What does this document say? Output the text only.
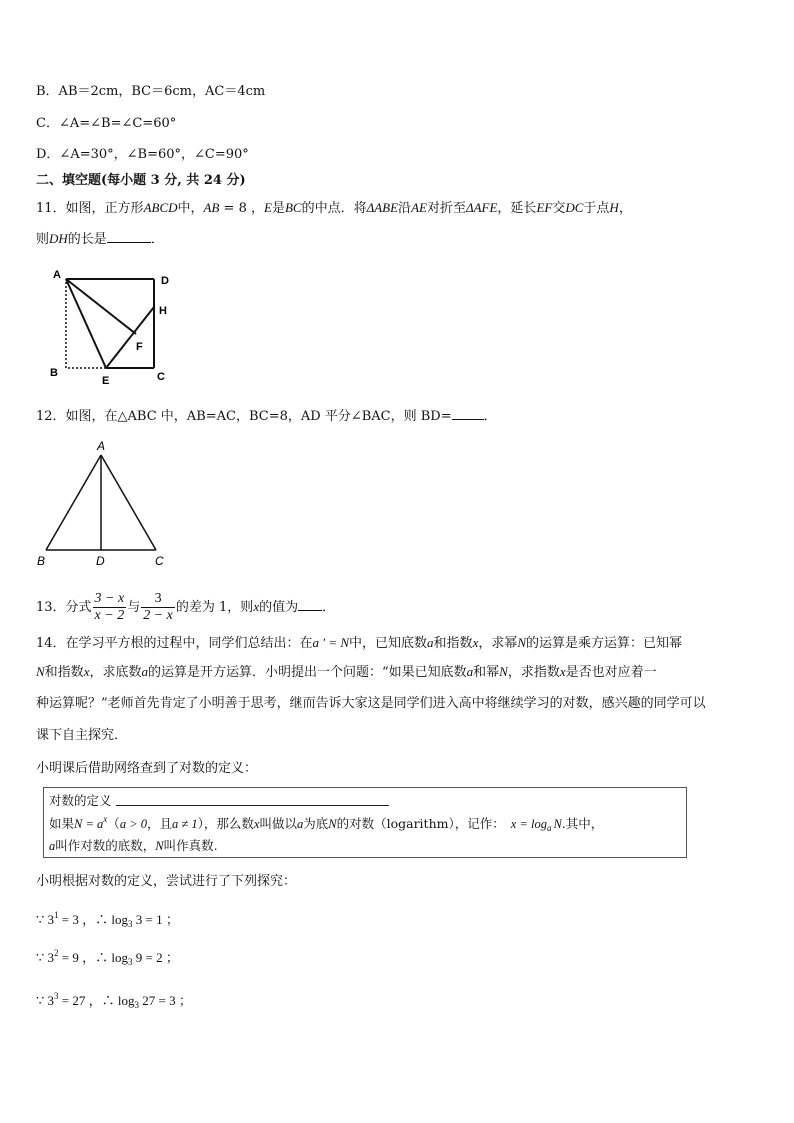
B．AB＝2cm，BC＝6cm，AC＝4cm
C．∠A=∠B=∠C=60°
D．∠A=30°，∠B=60°，∠C=90°
二、填空题(每小题 3 分, 共 24 分)
11．如图，正方形ABCD中，AB = 8 ，E是BC的中点．将ΔABE沿AE对折至ΔAFE，延长EF交DC于点H，
则DH的长是	．
A	D
H
F
B
E	C
12．如图，在△ABC 中，AB=AC，BC=8，AD 平分∠BAC，则 BD= ．
A
B	D	C
13．分式 $\frac{3 - x}{x - 2}$ 与 $\frac{3}{2 - x}$ 的差为 1，则x的值为 ．
14．在学习平方根的过程中，同学们总结出：在a ' = N中，已知底数a和指数x，求幂N的运算是乘方运算：已知幂
N和指数x，求底数a的运算是开方运算．小明提出一个问题：“如果已知底数a和幂N，求指数x是否也对应着一
种运算呢？”老师首先肯定了小明善于思考，继而告诉大家这是同学们进入高中将继续学习的对数，感兴趣的同学可以
课下自主探究．
小明课后借助网络查到了对数的定义：
对数的定义
如果$N = a^x(a > 0$，且a ≠ 1），那么数x叫做以a为底N的对数（logarithm），记作： $x = \log_a N$.其中，
a叫作对数的底数，N叫作真数.
小明根据对数的定义，尝试进行了下列探究：
∵ $3^1 = 3$ ，∴ $\log_3 3 = 1$ ；
∵ $3^2 = 9$ ，∴ $\log_3 9 = 2$ ；
∵ $3^3 = 27$ ，∴ $\log_3 27 = 3$ ；
